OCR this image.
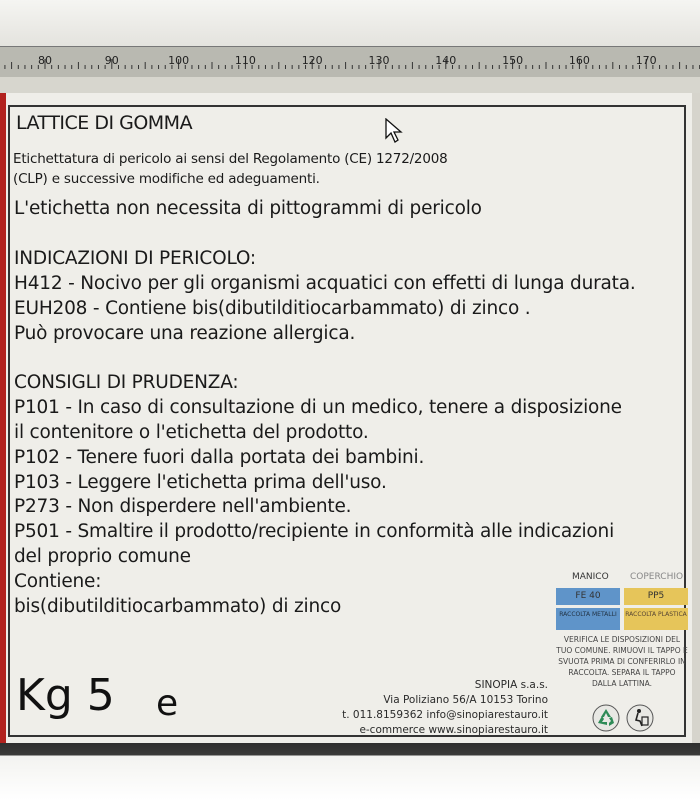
80	90	100	110	120	130	140	150	160	170
LATTICE DI GOMMA
Etichettatura di pericolo ai sensi del Regolamento (CE) 1272/2008
(CLP) e successive modifiche ed adeguamenti.
L'etichetta non necessita di pittogrammi di pericolo
INDICAZIONI DI PERICOLO:
H412 - Nocivo per gli organismi acquatici con effetti di lunga durata.
EUH208 - Contiene bis(dibutilditiocarbammato) di zinco .
Può provocare una reazione allergica.
CONSIGLI DI PRUDENZA:
P101 - In caso di consultazione di un medico, tenere a disposizione
il contenitore o l'etichetta del prodotto.
P102 - Tenere fuori dalla portata dei bambini.
P103 - Leggere l'etichetta prima dell'uso.
P273 - Non disperdere nell'ambiente.
P501 - Smaltire il prodotto/recipiente in conformità alle indicazioni
del proprio comune
Contiene:
bis(dibutilditiocarbammato) di zinco
Kg 5 e	SINOPIA s.a.s.
Via Poliziano 56/A 10153 Torino
t. 011.8159362 info@sinopiarestauro.it
e-commerce www.sinopiarestauro.it
MANICO COPERCHIO
FE 40	PP5
RACCOLTA METALLI	RACCOLTA PLASTICA
VERIFICA LE DISPOSIZIONI DEL TUO COMUNE. RIMUOVI IL TAPPO E SVUOTA PRIMA DI CONFERIRLO IN RACCOLTA. SEPARA IL TAPPO DALLA LATTINA.
